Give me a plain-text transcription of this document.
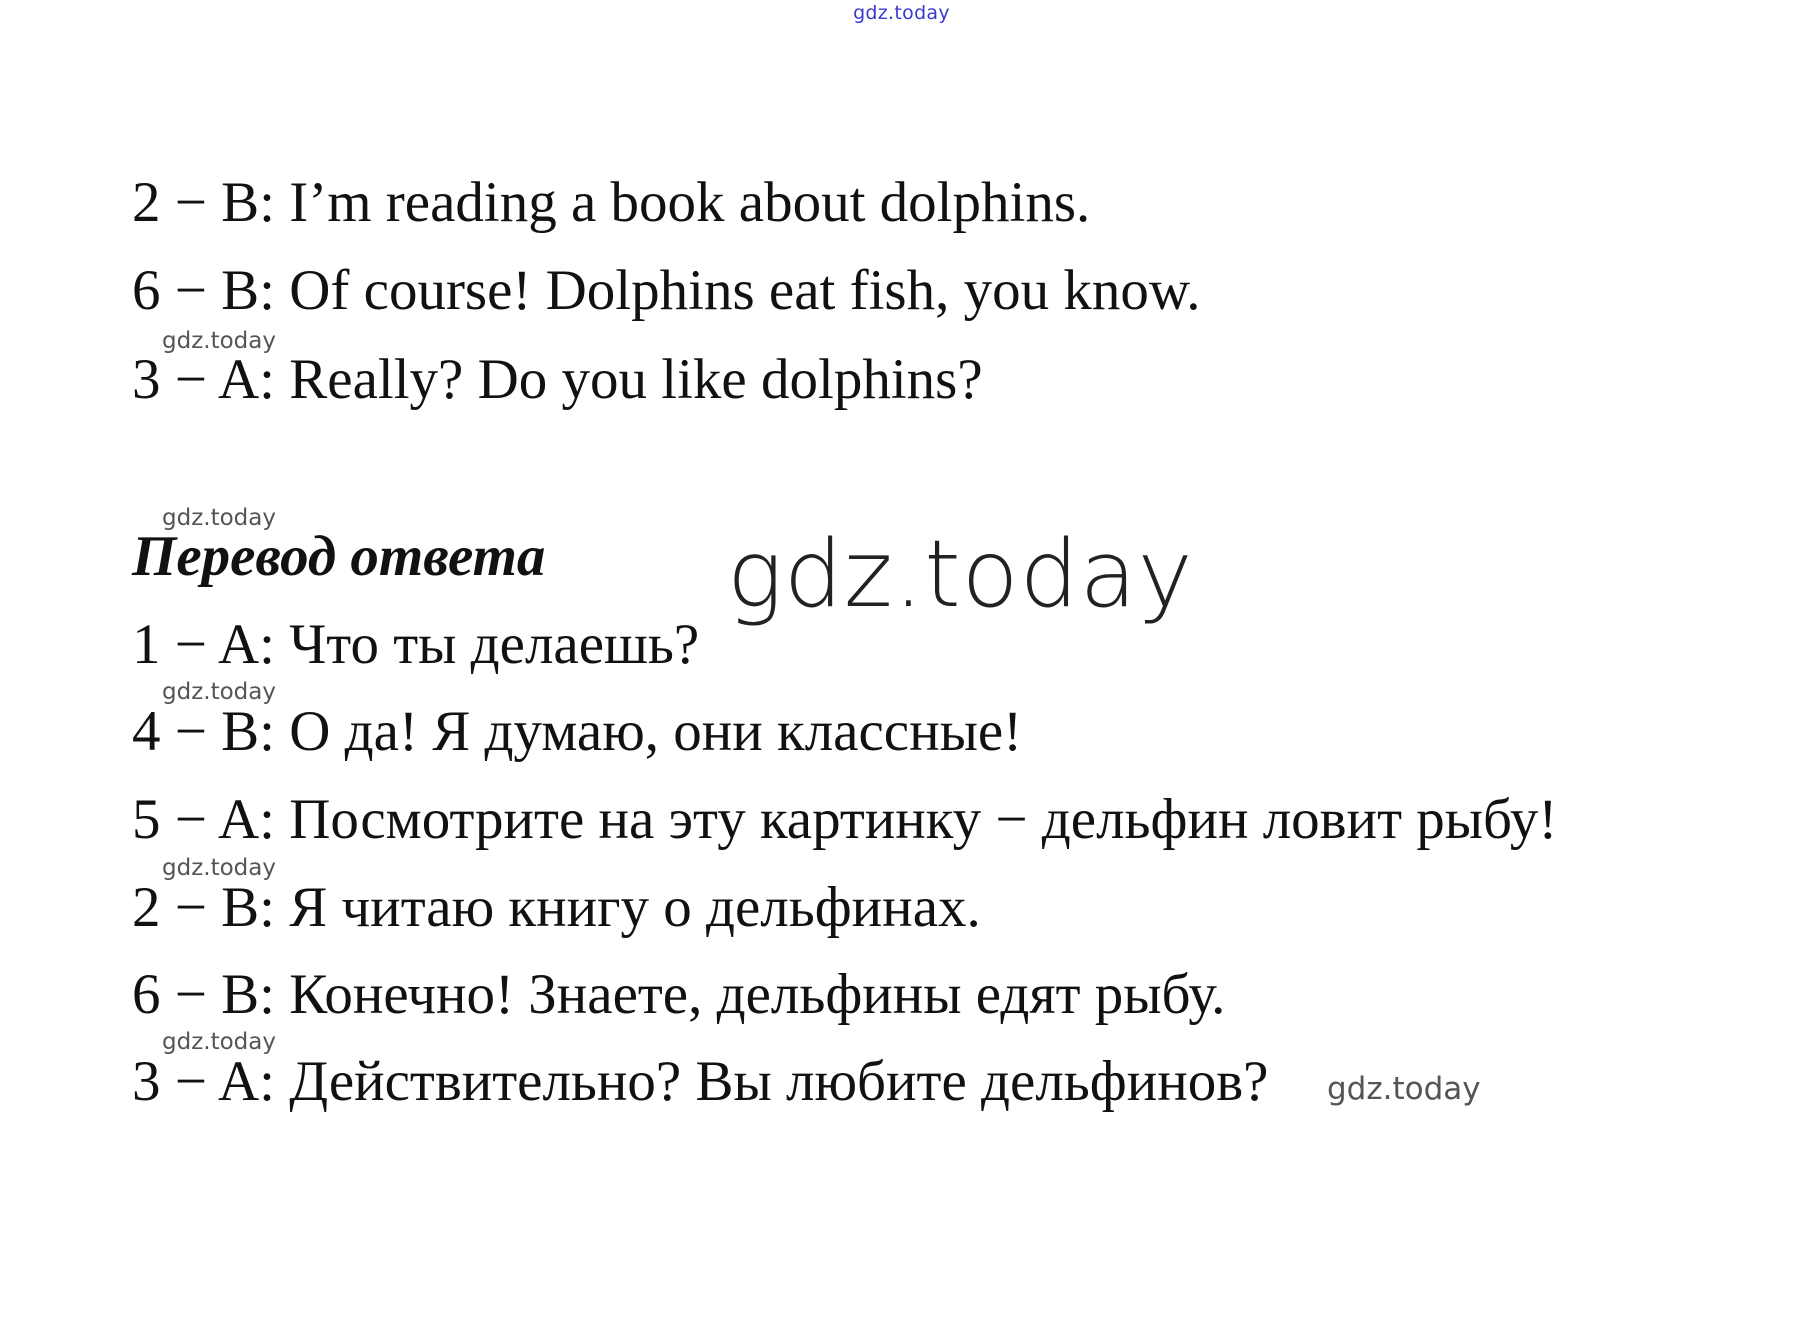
gdz.today
2 − B: I’m reading a book about dolphins.
6 − B: Of course! Dolphins eat fish, you know.
gdz.today
3 − A: Really? Do you like dolphins?
gdz.today
Перевод ответа gdz.today
1 − A: Что ты делаешь?
gdz.today
4 − B: О да! Я думаю, они классные!
5 − A: Посмотрите на эту картинку − дельфин ловит рыбу!
gdz.today
2 − B: Я читаю книгу о дельфинах.
6 − B: Конечно! Знаете, дельфины едят рыбу.
gdz.today
3 − A: Действительно? Вы любите дельфинов? gdz.today
